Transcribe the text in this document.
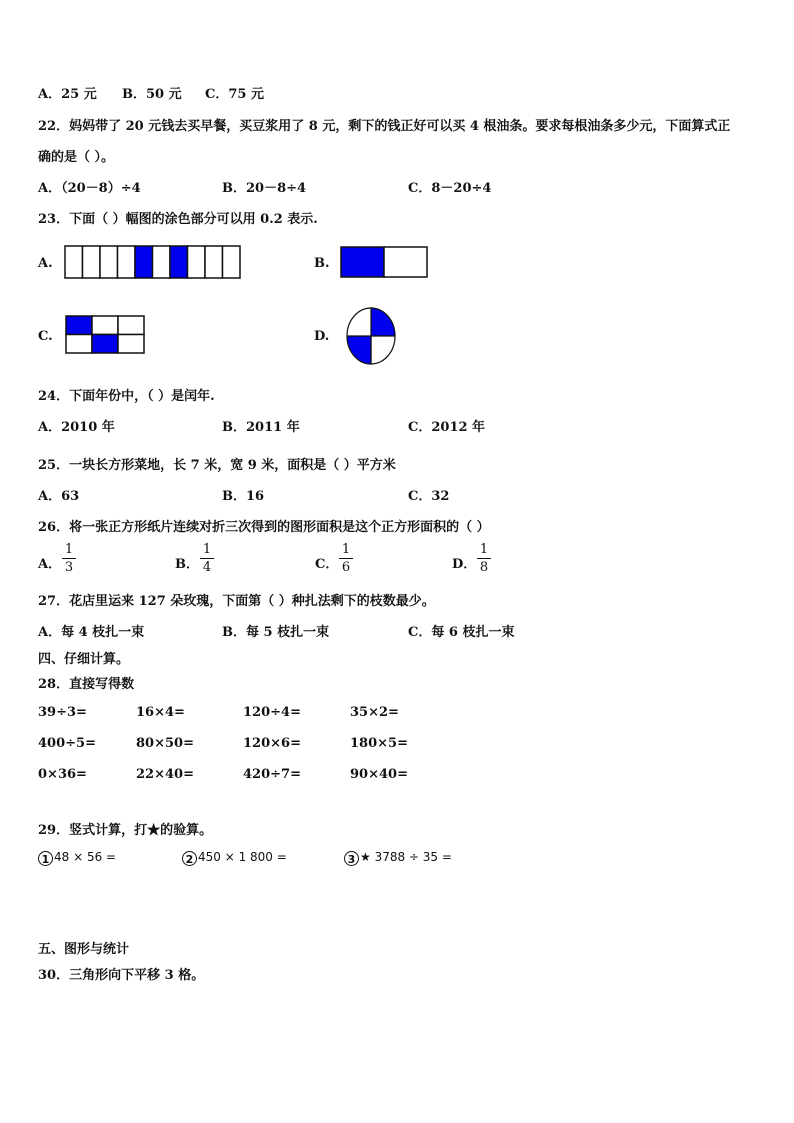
A．25 元 B．50 元 C．75 元
22．妈妈带了 20 元钱去买早餐，买豆浆用了 8 元，剩下的钱正好可以买 4 根油条。要求每根油条多少元，下面算式正
确的是（ ）。
A．（20－8）÷4	B．20－8÷4	C．8－20÷4
23．下面（ ）幅图的涂色部分可以用 0.2 表示.
A.	B.
C.	D.
24．下面年份中，（ ）是闰年.
A．2010 年	B．2011 年	C．2012 年
25．一块长方形菜地，长 7 米，宽 9 米，面积是（ ）平方米
A．63	B．16	C．32
26．将一张正方形纸片连续对折三次得到的图形面积是这个正方形面积的（ ）
A．
1
3	B．
1
4	C．
1
6	D．
1
8
27．花店里运来 127 朵玫瑰，下面第（ ）种扎法剩下的枝数最少。
A．每 4 枝扎一束	B．每 5 枝扎一束	C．每 6 枝扎一束
四、仔细计算。
28．直接写得数
39÷3=	16×4=	120÷4=	35×2=
400÷5=	80×50=	120×6=	180×5=
0×36=	22×40=	420÷7=	90×40=
29．竖式计算，打★的验算。
1 48 × 56 =	2 450 × 1 800 =	3 ★ 3788 ÷ 35 =
五、图形与统计
30．三角形向下平移 3 格。
